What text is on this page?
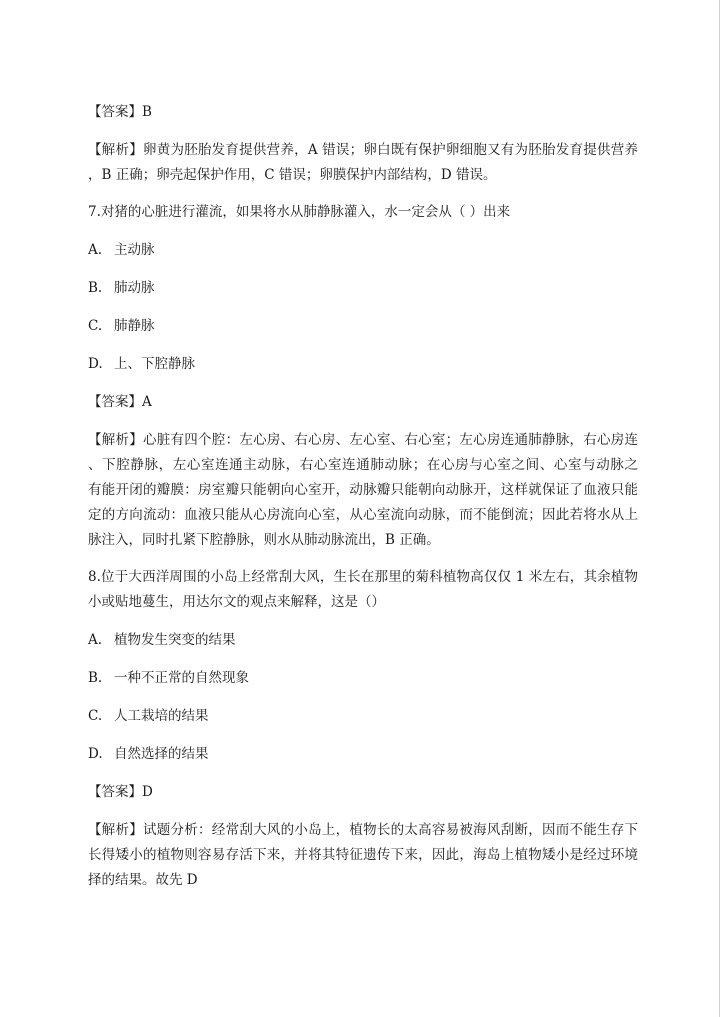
【答案】B
【解析】卵黄为胚胎发育提供营养，A 错误；卵白既有保护卵细胞又有为胚胎发育提供营养
，B 正确；卵壳起保护作用，C 错误；卵膜保护内部结构，D 错误。
7.对猪的心脏进行灌流，如果将水从肺静脉灌入，水一定会从（ ）出来
A. 主动脉
B. 肺动脉
C. 肺静脉
D. 上、下腔静脉
【答案】A
【解析】心脏有四个腔：左心房、右心房、左心室、右心室；左心房连通肺静脉，右心房连
、下腔静脉，左心室连通主动脉，右心室连通肺动脉；在心房与心室之间、心室与动脉之
有能开闭的瓣膜：房室瓣只能朝向心室开，动脉瓣只能朝向动脉开，这样就保证了血液只能
定的方向流动：血液只能从心房流向心室，从心室流向动脉，而不能倒流；因此若将水从上
脉注入，同时扎紧下腔静脉，则水从肺动脉流出，B 正确。
8.位于大西洋周围的小岛上经常刮大风，生长在那里的菊科植物高仅仅 1 米左右，其余植物
小或贴地蔓生，用达尔文的观点来解释，这是（）
A. 植物发生突变的结果
B. 一种不正常的自然现象
C. 人工栽培的结果
D. 自然选择的结果
【答案】D
【解析】试题分析：经常刮大风的小岛上，植物长的太高容易被海风刮断，因而不能生存下
长得矮小的植物则容易存活下来，并将其特征遗传下来，因此，海岛上植物矮小是经过环境
择的结果。故先 D
